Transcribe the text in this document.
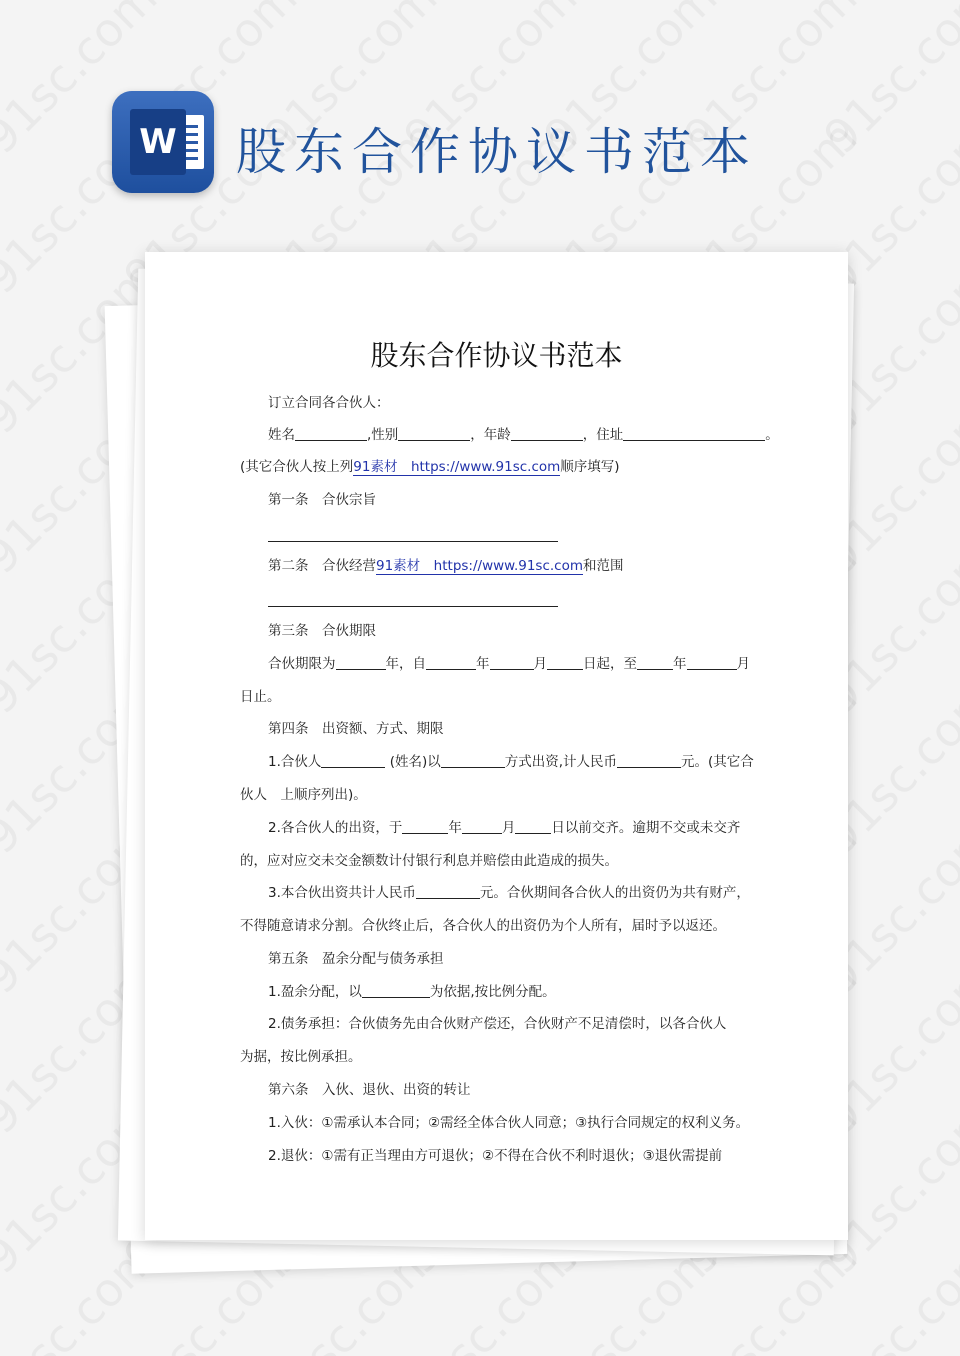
W 股东合作协议书范本
股东合作协议书范本
订立合同各合伙人：
姓名	,性别	，年龄	，住址	。
(其它合伙人按上列91素材　https://www.91sc.com顺序填写)
第一条　合伙宗旨
第二条　合伙经营91素材　https://www.91sc.com和范围
第三条　合伙期限
合伙期限为	年，自	年	月	日起，至	年	月
日止。
第四条　出资额、方式、期限
1.合伙人	(姓名)以	方式出资,计人民币	元。(其它合
伙人　上顺序列出)。
2.各合伙人的出资，于	年	月	日以前交齐。逾期不交或未交齐
的，应对应交未交金额数计付银行利息并赔偿由此造成的损失。
3.本合伙出资共计人民币	元。合伙期间各合伙人的出资仍为共有财产，
不得随意请求分割。合伙终止后，各合伙人的出资仍为个人所有，届时予以返还。
第五条　盈余分配与债务承担
1.盈余分配，以	为依据,按比例分配。
2.债务承担：合伙债务先由合伙财产偿还，合伙财产不足清偿时，以各合伙人
为据，按比例承担。
第六条　入伙、退伙、出资的转让
1.入伙：①需承认本合同；②需经全体合伙人同意；③执行合同规定的权利义务。
2.退伙：①需有正当理由方可退伙；②不得在合伙不利时退伙；③退伙需提前
